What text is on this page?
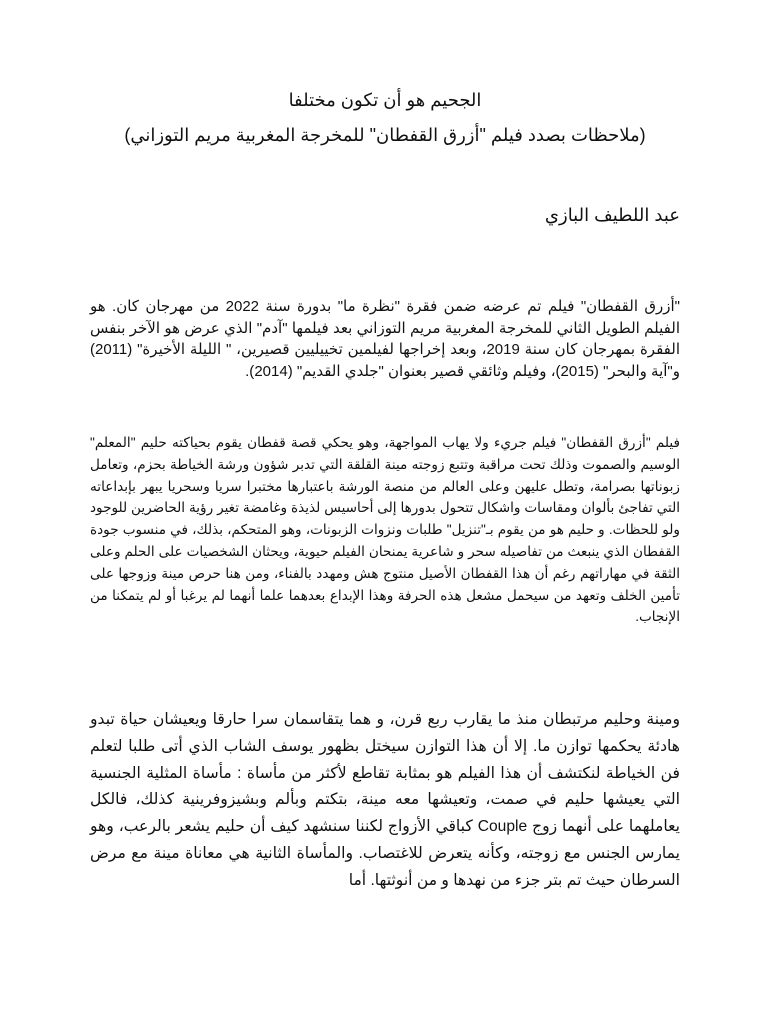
الجحيم هو أن تكون مختلفا
(ملاحظات بصدد فيلم "أزرق القفطان" للمخرجة المغربية مريم التوزاني)

عبد اللطيف البازي

"أزرق القفطان" فيلم تم عرضه ضمن فقرة "نظرة ما" بدورة سنة 2022 من مهرجان كان. هو الفيلم الطويل الثاني للمخرجة المغربية مريم التوزاني بعد فيلمها "آدم" الذي عرض هو الآخر بنفس الفقرة بمهرجان كان سنة 2019، وبعد إخراجها لفيلمين تخييليين قصيرين، " الليلة الأخيرة" (2011) و"آية والبحر" (2015)، وفيلم وثائقي قصير بعنوان "جلدي القديم" (2014).

فيلم "أزرق القفطان" فيلم جريء ولا يهاب المواجهة، وهو يحكي قصة قفطان يقوم بحياكته حليم "المعلم" الوسيم والصموت وذلك تحت مراقبة وتتبع زوجته مينة القلقة التي تدبر شؤون ورشة الخياطة بحزم، وتعامل زبوناتها بصرامة، وتطل عليهن وعلى العالم من منصة الورشة باعتبارها مختبرا سريا وسحريا يبهر بإبداعاته التي تفاجئ بألوان ومقاسات واشكال تتحول بدورها إلى أحاسيس لذيذة وغامضة تغير رؤية الحاضرين للوجود ولو للحظات. و حليم هو من يقوم بـ"تنزيل" طلبات ونزوات الزبونات، وهو المتحكم، بذلك، في منسوب جودة القفطان الذي ينبعث من تفاصيله سحر و شاعرية يمنحان الفيلم حيوية، ويحثان الشخصيات على الحلم وعلى الثقة في مهاراتهم رغم أن هذا القفطان الأصيل منتوج هش ومهدد بالفناء، ومن هنا حرص مينة وزوجها على تأمين الخلف وتعهد من سيحمل مشعل هذه الحرفة وهذا الإبداع بعدهما علما أنهما لم يرغبا أو لم يتمكنا من الإنجاب.

ومينة وحليم مرتبطان منذ ما يقارب ربع قرن، و هما يتقاسمان سرا حارقا ويعيشان حياة تبدو هادئة يحكمها توازن ما. إلا أن هذا التوازن سيختل بظهور يوسف الشاب الذي أتى طلبا لتعلم فن الخياطة لنكتشف أن هذا الفيلم هو بمثابة تقاطع لأكثر من مأساة : مأساة المثلية الجنسية التي يعيشها حليم في صمت، وتعيشها معه مينة، بتكتم وبألم وبشيزوفرينية كذلك، فالكل يعاملهما على أنهما زوج Couple كباقي الأزواج لكننا سنشهد كيف أن حليم يشعر بالرعب، وهو يمارس الجنس مع زوجته، وكأنه يتعرض للاغتصاب. والمأساة الثانية هي معاناة مينة مع مرض السرطان حيث تم بتر جزء من نهدها و من أنوثتها. أما
